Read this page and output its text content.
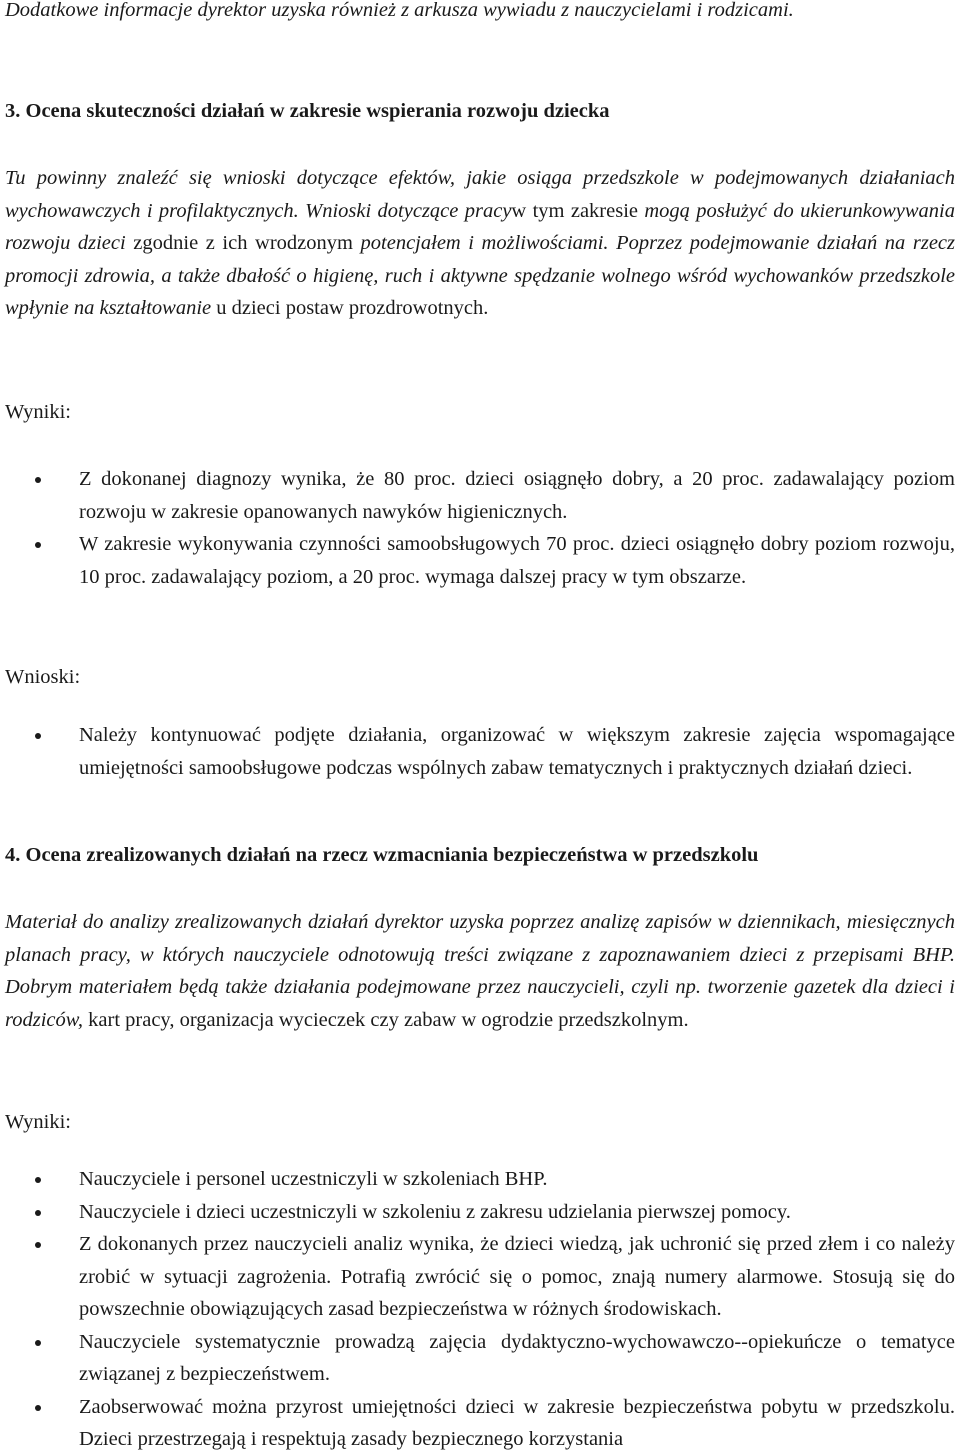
Dodatkowe informacje dyrektor uzyska również z arkusza wywiadu z nauczycielami i rodzicami.

3. Ocena skuteczności działań w zakresie wspierania rozwoju dziecka

Tu powinny znaleźć się wnioski dotyczące efektów, jakie osiąga przedszkole w podejmowanych działaniach wychowawczych i profilaktycznych. Wnioski dotyczące pracyw tym zakresie mogą posłużyć do ukierunkowywania rozwoju dzieci zgodnie z ich wrodzonym potencjałem i możliwościami. Poprzez podejmowanie działań na rzecz promocji zdrowia, a także dbałość o higienę, ruch i aktywne spędzanie wolnego wśród wychowanków przedszkole wpłynie na kształtowanie u dzieci postaw prozdrowotnych.

Wyniki:

Z dokonanej diagnozy wynika, że 80 proc. dzieci osiągnęło dobry, a 20 proc. zadawalający poziom rozwoju w zakresie opanowanych nawyków higienicznych.
W zakresie wykonywania czynności samoobsługowych 70 proc. dzieci osiągnęło dobry poziom rozwoju, 10 proc. zadawalający poziom, a 20 proc. wymaga dalszej pracy w tym obszarze.

Wnioski:

Należy kontynuować podjęte działania, organizować w większym zakresie zajęcia wspomagające umiejętności samoobsługowe podczas wspólnych zabaw tematycznych i praktycznych działań dzieci.

4. Ocena zrealizowanych działań na rzecz wzmacniania bezpieczeństwa w przedszkolu

Materiał do analizy zrealizowanych działań dyrektor uzyska poprzez analizę zapisów w dziennikach, miesięcznych planach pracy, w których nauczyciele odnotowują treści związane z zapoznawaniem dzieci z przepisami BHP. Dobrym materiałem będą także działania podejmowane przez nauczycieli, czyli np. tworzenie gazetek dla dzieci i rodziców, kart pracy, organizacja wycieczek czy zabaw w ogrodzie przedszkolnym.

Wyniki:

Nauczyciele i personel uczestniczyli w szkoleniach BHP.
Nauczyciele i dzieci uczestniczyli w szkoleniu z zakresu udzielania pierwszej pomocy.
Z dokonanych przez nauczycieli analiz wynika, że dzieci wiedzą, jak uchronić się przed złem i co należy zrobić w sytuacji zagrożenia. Potrafią zwrócić się o pomoc, znają numery alarmowe. Stosują się do powszechnie obowiązujących zasad bezpieczeństwa w różnych środowiskach.
Nauczyciele systematycznie prowadzą zajęcia dydaktyczno-wychowawczo--opiekuńcze o tematyce związanej z bezpieczeństwem.
Zaobserwować można przyrost umiejętności dzieci w zakresie bezpieczeństwa pobytu w przedszkolu. Dzieci przestrzegają i respektują zasady bezpiecznego korzystania
